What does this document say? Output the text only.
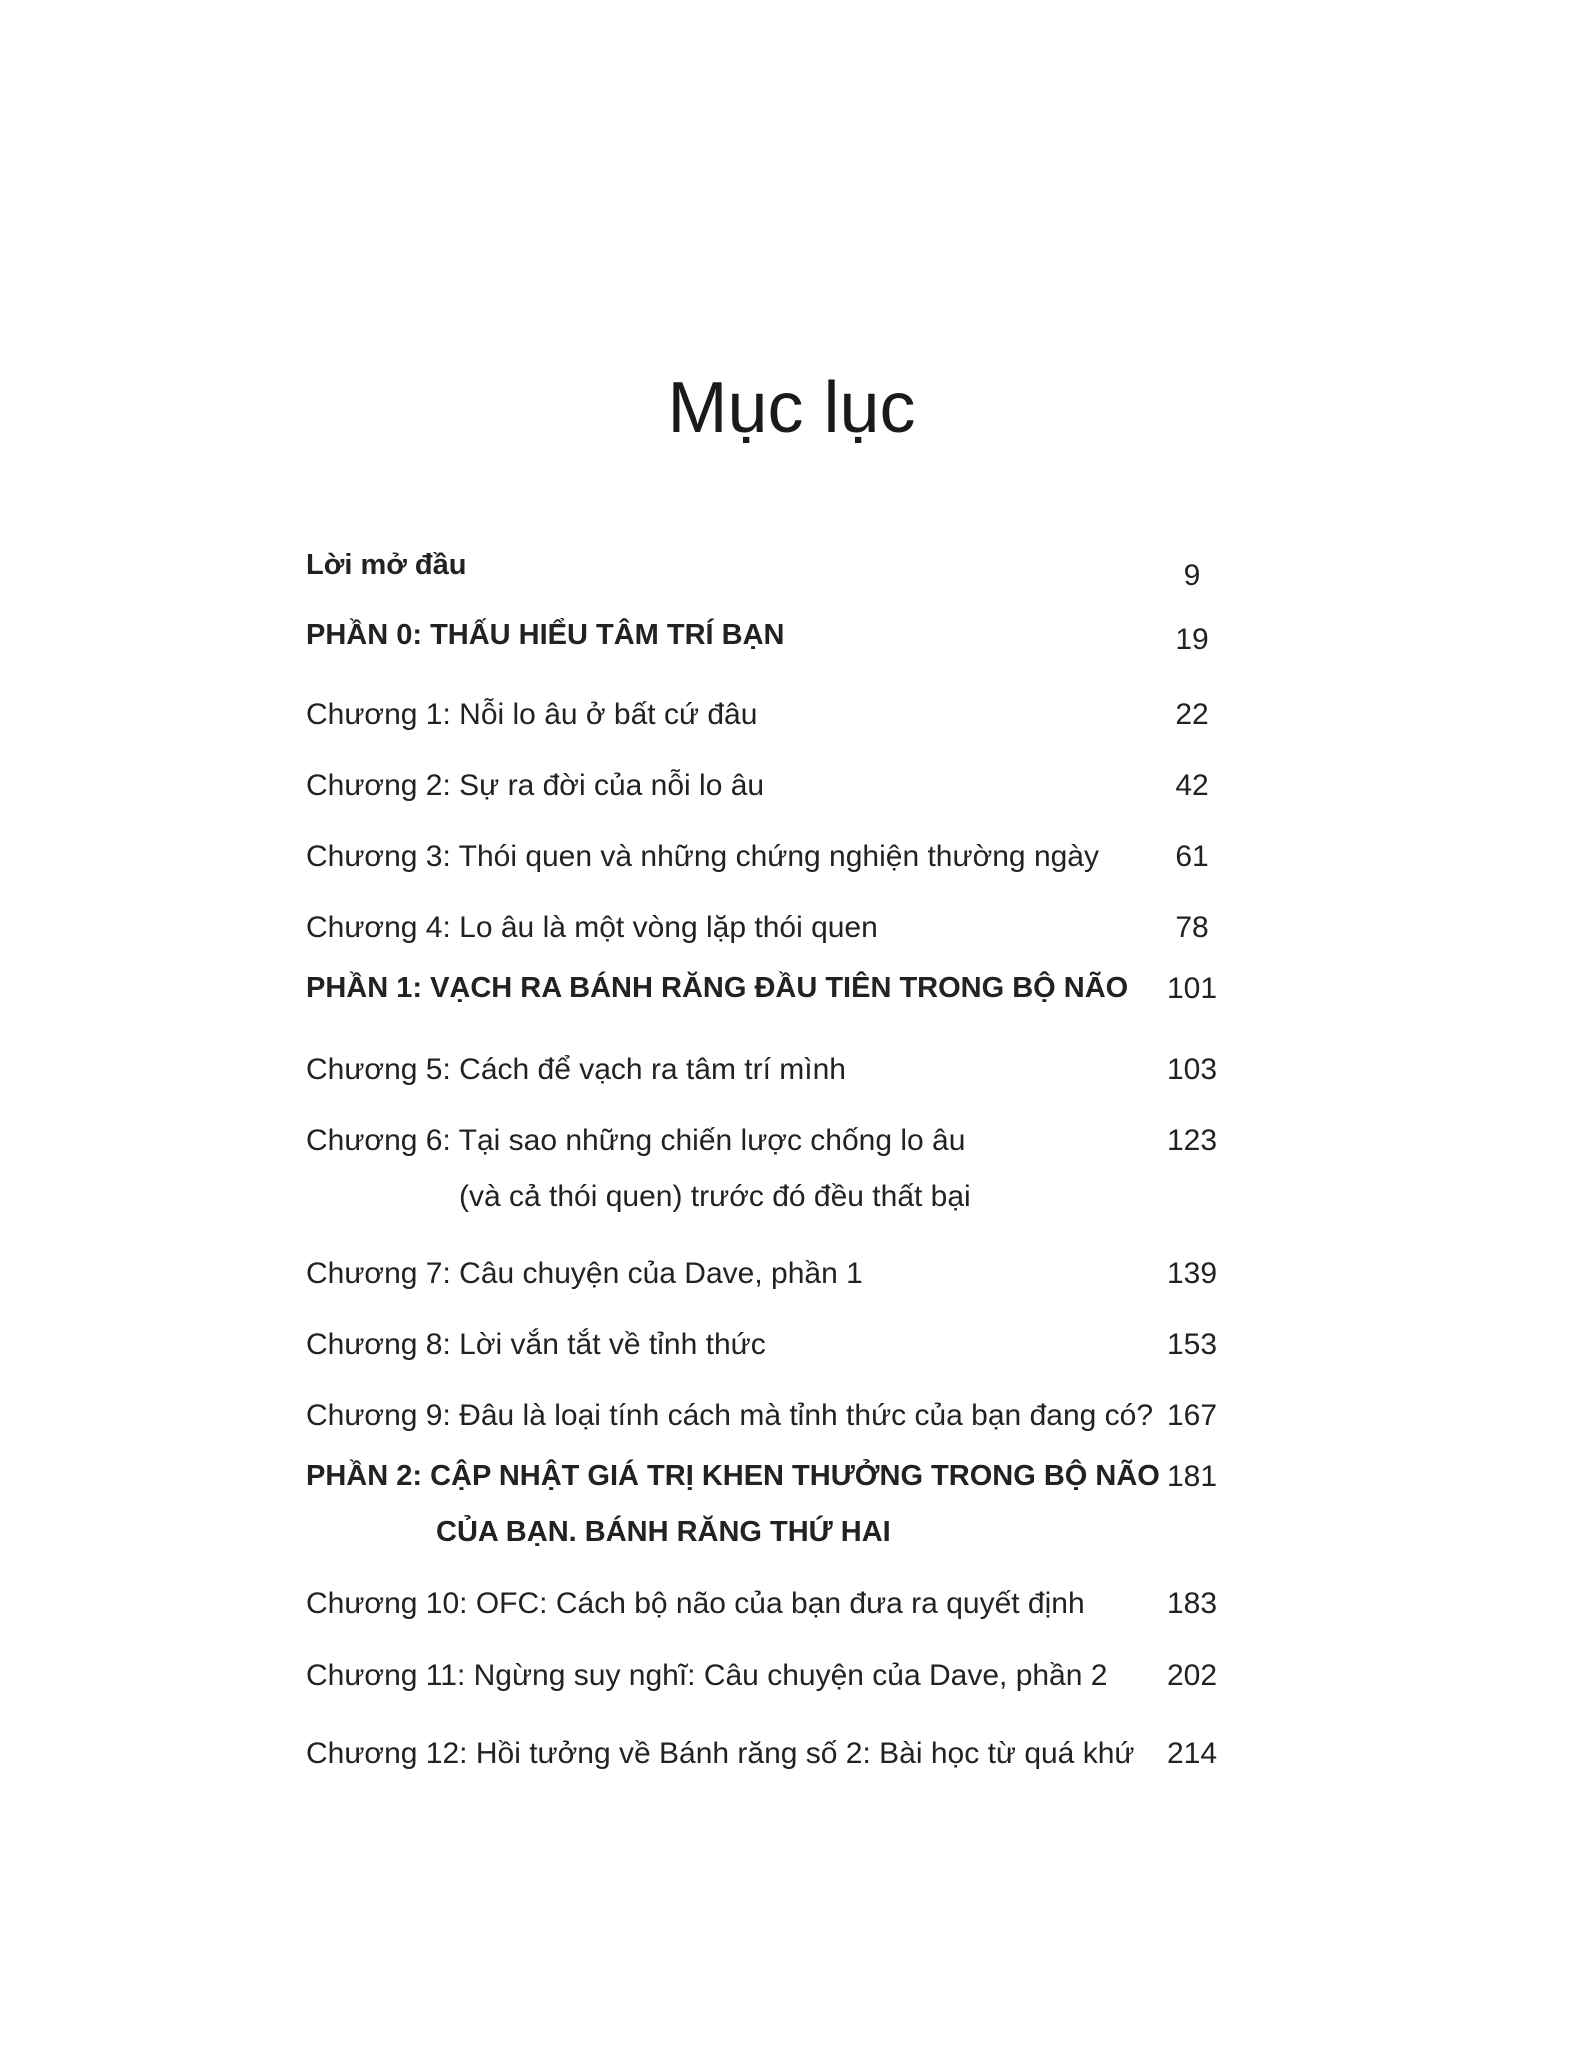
Mục lục
Lời mở đầu	9
PHẦN 0: THẤU HIỂU TÂM TRÍ BẠN	19
Chương 1: Nỗi lo âu ở bất cứ đâu	22
Chương 2: Sự ra đời của nỗi lo âu	42
Chương 3: Thói quen và những chứng nghiện thường ngày	61
Chương 4: Lo âu là một vòng lặp thói quen	78
PHẦN 1: VẠCH RA BÁNH RĂNG ĐẦU TIÊN TRONG BỘ NÃO	101
Chương 5: Cách để vạch ra tâm trí mình	103
Chương 6: Tại sao những chiến lược chống lo âu
(và cả thói quen) trước đó đều thất bại
123
Chương 7: Câu chuyện của Dave, phần 1	139
Chương 8: Lời vắn tắt về tỉnh thức	153
Chương 9: Đâu là loại tính cách mà tỉnh thức của bạn đang có? 167
PHẦN 2: CẬP NHẬT GIÁ TRỊ KHEN THƯỞNG TRONG BỘ NÃO
CỦA BẠN. BÁNH RĂNG THỨ HAI
181
Chương 10: OFC: Cách bộ não của bạn đưa ra quyết định	183
Chương 11: Ngừng suy nghĩ: Câu chuyện của Dave, phần 2	202
Chương 12: Hồi tưởng về Bánh răng số 2: Bài học từ quá khứ	214
